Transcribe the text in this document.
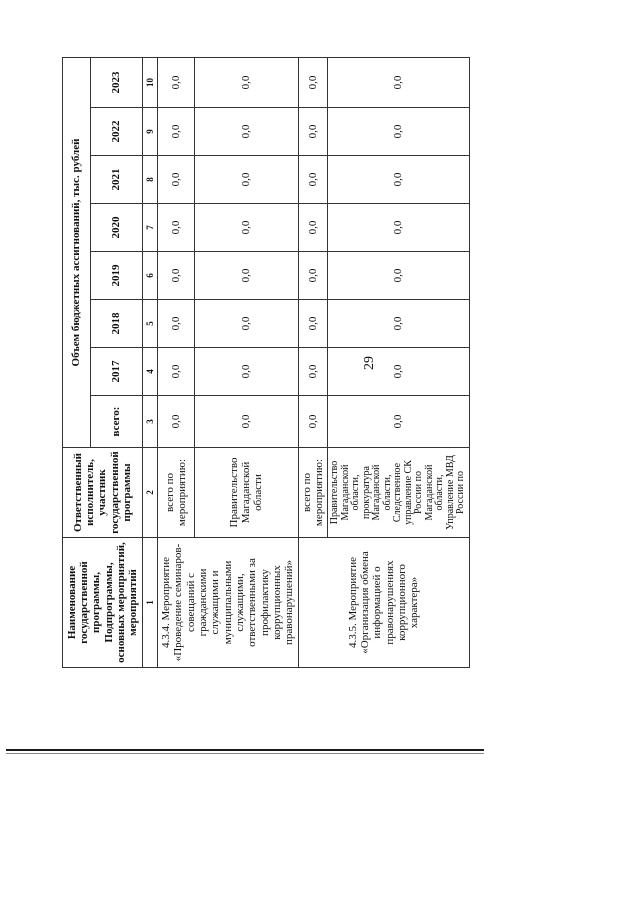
Наименование государственной программы, Подпрограммы, основных мероприятий, мероприятий	Ответственный исполнитель, участник государственной программы	Объем бюджетных ассигнований, тыс. рублей							
		всего:	2017	2018	2019	2020	2021	2022	2023
1	2	3	4	5	6	7	8	9	10
4.3.4. Мероприятие «Проведение семинаров-совещаний с гражданскими служащими и муниципальными служащими, ответственными за профилактику коррупционных правонарушений»	всего по мероприятию:	0,0	0,0	0,0	0,0	0,0	0,0	0,0	0,0
	Правительство Магаданской области	0,0	0,0	0,0	0,0	0,0	0,0	0,0	0,0
4.3.5. Мероприятие «Организация обмена информацией о правонарушениях коррупционного характера»	всего по мероприятию:	0,0	0,0	0,0	0,0	0,0	0,0	0,0	0,0
	Правительство Магаданской области, прокуратура Магаданской области, Следственное управление СК России по Магаданской области, Управление МВД России по	0,0	0,0	0,0	0,0	0,0	0,0	0,0	0,0
29
